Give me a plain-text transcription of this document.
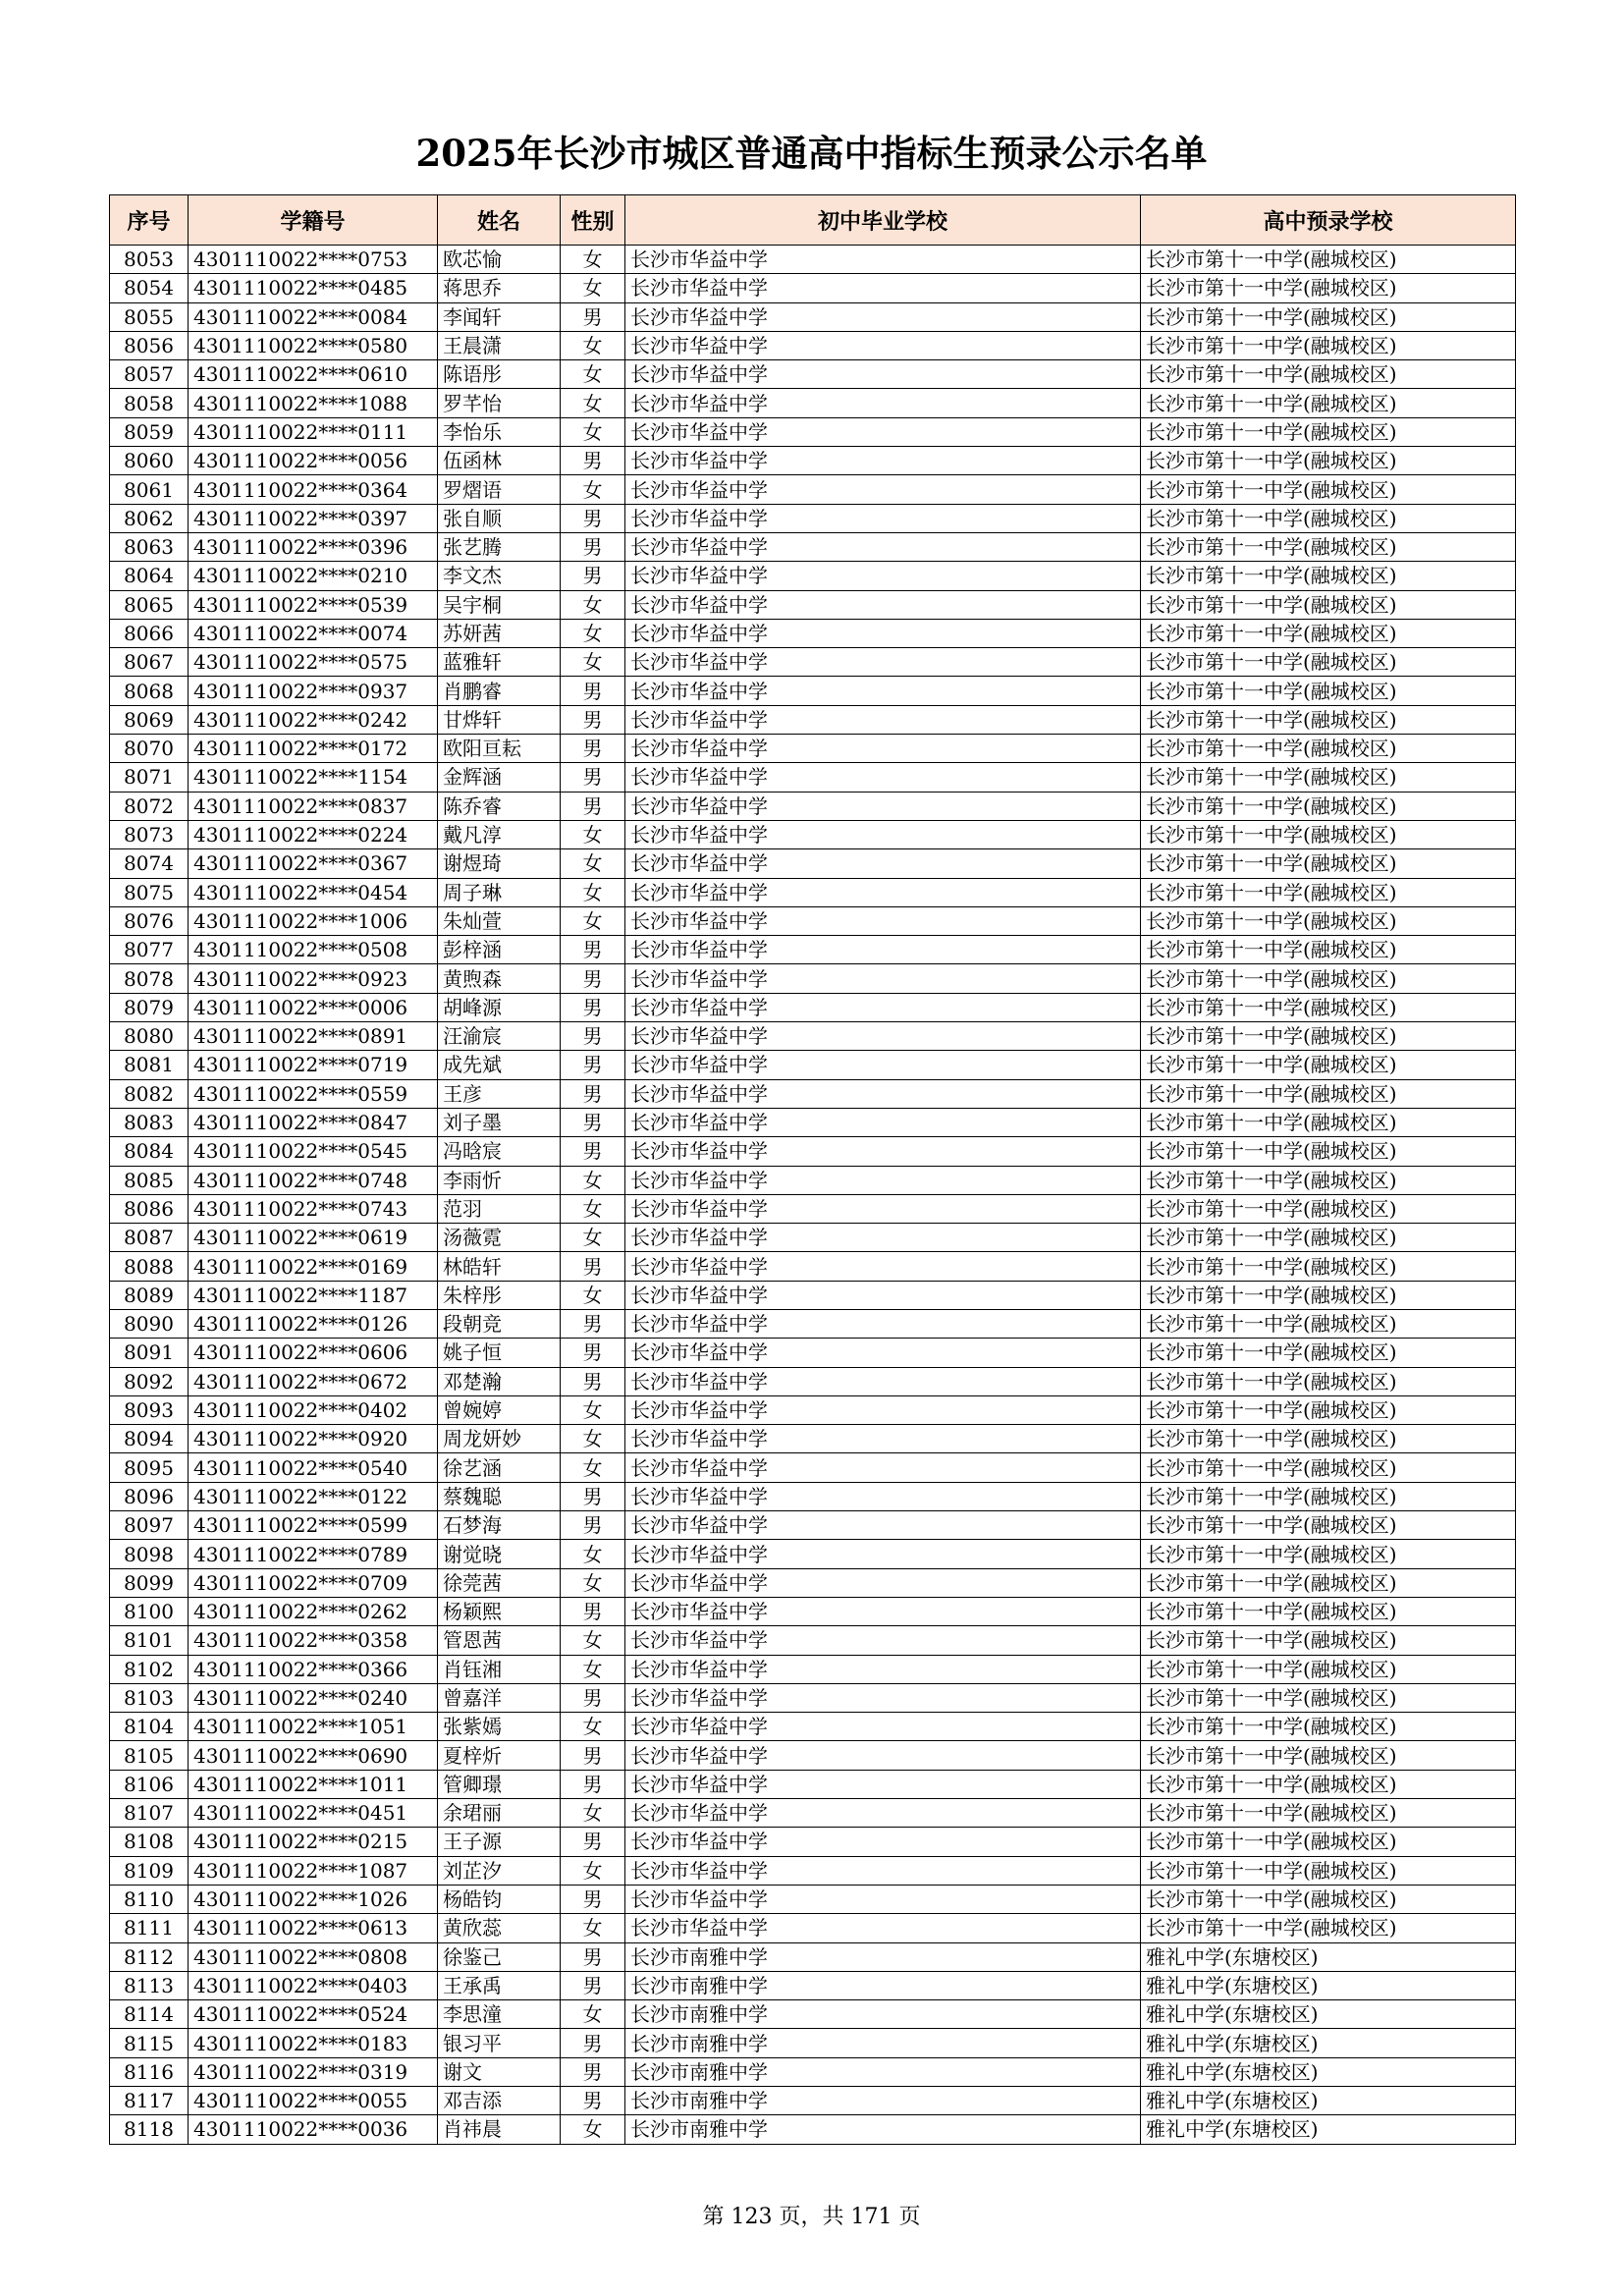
2025年长沙市城区普通高中指标生预录公示名单
序号	学籍号	姓名	性别	初中毕业学校	高中预录学校
8053	4301110022****0753	欧芯愉	女	长沙市华益中学	长沙市第十一中学(融城校区)
8054	4301110022****0485	蒋思乔	女	长沙市华益中学	长沙市第十一中学(融城校区)
8055	4301110022****0084	李闻轩	男	长沙市华益中学	长沙市第十一中学(融城校区)
8056	4301110022****0580	王晨潇	女	长沙市华益中学	长沙市第十一中学(融城校区)
8057	4301110022****0610	陈语彤	女	长沙市华益中学	长沙市第十一中学(融城校区)
8058	4301110022****1088	罗芊怡	女	长沙市华益中学	长沙市第十一中学(融城校区)
8059	4301110022****0111	李怡乐	女	长沙市华益中学	长沙市第十一中学(融城校区)
8060	4301110022****0056	伍函林	男	长沙市华益中学	长沙市第十一中学(融城校区)
8061	4301110022****0364	罗熠语	女	长沙市华益中学	长沙市第十一中学(融城校区)
8062	4301110022****0397	张自顺	男	长沙市华益中学	长沙市第十一中学(融城校区)
8063	4301110022****0396	张艺腾	男	长沙市华益中学	长沙市第十一中学(融城校区)
8064	4301110022****0210	李文杰	男	长沙市华益中学	长沙市第十一中学(融城校区)
8065	4301110022****0539	吴宇桐	女	长沙市华益中学	长沙市第十一中学(融城校区)
8066	4301110022****0074	苏妍茜	女	长沙市华益中学	长沙市第十一中学(融城校区)
8067	4301110022****0575	蓝雅轩	女	长沙市华益中学	长沙市第十一中学(融城校区)
8068	4301110022****0937	肖鹏睿	男	长沙市华益中学	长沙市第十一中学(融城校区)
8069	4301110022****0242	甘烨轩	男	长沙市华益中学	长沙市第十一中学(融城校区)
8070	4301110022****0172	欧阳亘耘	男	长沙市华益中学	长沙市第十一中学(融城校区)
8071	4301110022****1154	金辉涵	男	长沙市华益中学	长沙市第十一中学(融城校区)
8072	4301110022****0837	陈乔睿	男	长沙市华益中学	长沙市第十一中学(融城校区)
8073	4301110022****0224	戴凡淳	女	长沙市华益中学	长沙市第十一中学(融城校区)
8074	4301110022****0367	谢煜琦	女	长沙市华益中学	长沙市第十一中学(融城校区)
8075	4301110022****0454	周子琳	女	长沙市华益中学	长沙市第十一中学(融城校区)
8076	4301110022****1006	朱灿萱	女	长沙市华益中学	长沙市第十一中学(融城校区)
8077	4301110022****0508	彭梓涵	男	长沙市华益中学	长沙市第十一中学(融城校区)
8078	4301110022****0923	黄煦森	男	长沙市华益中学	长沙市第十一中学(融城校区)
8079	4301110022****0006	胡峰源	男	长沙市华益中学	长沙市第十一中学(融城校区)
8080	4301110022****0891	汪渝宸	男	长沙市华益中学	长沙市第十一中学(融城校区)
8081	4301110022****0719	成先斌	男	长沙市华益中学	长沙市第十一中学(融城校区)
8082	4301110022****0559	王彦	男	长沙市华益中学	长沙市第十一中学(融城校区)
8083	4301110022****0847	刘子墨	男	长沙市华益中学	长沙市第十一中学(融城校区)
8084	4301110022****0545	冯晗宸	男	长沙市华益中学	长沙市第十一中学(融城校区)
8085	4301110022****0748	李雨忻	女	长沙市华益中学	长沙市第十一中学(融城校区)
8086	4301110022****0743	范羽	女	长沙市华益中学	长沙市第十一中学(融城校区)
8087	4301110022****0619	汤薇霓	女	长沙市华益中学	长沙市第十一中学(融城校区)
8088	4301110022****0169	林皓轩	男	长沙市华益中学	长沙市第十一中学(融城校区)
8089	4301110022****1187	朱梓彤	女	长沙市华益中学	长沙市第十一中学(融城校区)
8090	4301110022****0126	段朝竞	男	长沙市华益中学	长沙市第十一中学(融城校区)
8091	4301110022****0606	姚子恒	男	长沙市华益中学	长沙市第十一中学(融城校区)
8092	4301110022****0672	邓楚瀚	男	长沙市华益中学	长沙市第十一中学(融城校区)
8093	4301110022****0402	曾婉婷	女	长沙市华益中学	长沙市第十一中学(融城校区)
8094	4301110022****0920	周龙妍妙	女	长沙市华益中学	长沙市第十一中学(融城校区)
8095	4301110022****0540	徐艺涵	女	长沙市华益中学	长沙市第十一中学(融城校区)
8096	4301110022****0122	蔡魏聪	男	长沙市华益中学	长沙市第十一中学(融城校区)
8097	4301110022****0599	石梦海	男	长沙市华益中学	长沙市第十一中学(融城校区)
8098	4301110022****0789	谢觉晓	女	长沙市华益中学	长沙市第十一中学(融城校区)
8099	4301110022****0709	徐莞茜	女	长沙市华益中学	长沙市第十一中学(融城校区)
8100	4301110022****0262	杨颖熙	男	长沙市华益中学	长沙市第十一中学(融城校区)
8101	4301110022****0358	管恩茜	女	长沙市华益中学	长沙市第十一中学(融城校区)
8102	4301110022****0366	肖钰湘	女	长沙市华益中学	长沙市第十一中学(融城校区)
8103	4301110022****0240	曾嘉洋	男	长沙市华益中学	长沙市第十一中学(融城校区)
8104	4301110022****1051	张紫嫣	女	长沙市华益中学	长沙市第十一中学(融城校区)
8105	4301110022****0690	夏梓炘	男	长沙市华益中学	长沙市第十一中学(融城校区)
8106	4301110022****1011	管卿璟	男	长沙市华益中学	长沙市第十一中学(融城校区)
8107	4301110022****0451	余珺丽	女	长沙市华益中学	长沙市第十一中学(融城校区)
8108	4301110022****0215	王子源	男	长沙市华益中学	长沙市第十一中学(融城校区)
8109	4301110022****1087	刘芷汐	女	长沙市华益中学	长沙市第十一中学(融城校区)
8110	4301110022****1026	杨皓钧	男	长沙市华益中学	长沙市第十一中学(融城校区)
8111	4301110022****0613	黄欣蕊	女	长沙市华益中学	长沙市第十一中学(融城校区)
8112	4301110022****0808	徐鉴己	男	长沙市南雅中学	雅礼中学(东塘校区)
8113	4301110022****0403	王承禹	男	长沙市南雅中学	雅礼中学(东塘校区)
8114	4301110022****0524	李思潼	女	长沙市南雅中学	雅礼中学(东塘校区)
8115	4301110022****0183	银习平	男	长沙市南雅中学	雅礼中学(东塘校区)
8116	4301110022****0319	谢文	男	长沙市南雅中学	雅礼中学(东塘校区)
8117	4301110022****0055	邓吉添	男	长沙市南雅中学	雅礼中学(东塘校区)
8118	4301110022****0036	肖祎晨	女	长沙市南雅中学	雅礼中学(东塘校区)
第 123 页，共 171 页
